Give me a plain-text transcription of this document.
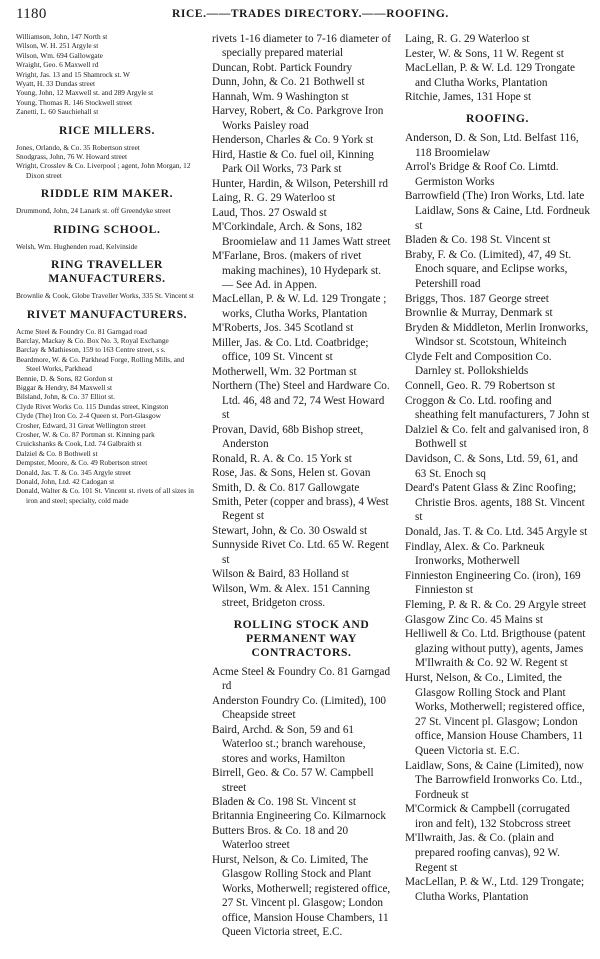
1180	RICE.——TRADES DIRECTORY.——ROOFING.
Williamson, John, 147 North st
Wilson, W. H. 251 Argyle st
Wilson, Wm. 694 Gallowgate
Wraight, Geo. 6 Maxwell rd
Wright, Jas. 13 and 15 Shamrock st. W
Wyatt, H. 33 Dundas street
Young, John, 12 Maxwell st. and 289 Argyle st
Young, Thomas R. 146 Stockwell street
Zanetti, L. 60 Sauchiehall st
RICE MILLERS.
Jones, Orlando, & Co. 35 Robertson street
Snodgrass, John, 76 W. Howard street
Wright, Crosslev & Co. Liverpool ; agent, John Morgan, 12 Dixon street
RIDDLE RIM MAKER.
Drummond, John, 24 Lanark st. off Greendyke street
RIDING SCHOOL.
Welsh, Wm. Hughenden road, Kelvinside
RING TRAVELLER MANUFACTURERS.
Brownlie & Cook, Globe Traveller Works, 335 St. Vincent st
RIVET MANUFACTURERS.
Acme Steel & Foundry Co. 81 Garngad road
Barclay, Mackay & Co. Box No. 3, Royal Exchange
Barclay & Mathieson, 159 to 163 Centre street, s s.
Beardmore, W. & Co. Parkhead Forge, Rolling Mills, and Steel Works, Parkhead
Bennie, D. & Sons, 82 Gordon st
Biggar & Hendry, 84 Maxwell st
Bilsland, John, & Co. 37 Elliot st.
Clyde Rivet Works Co. 115 Dundas street, Kingston
Clyde (The) Iron Co. 2-4 Queen st. Port-Glasgow
Crosher, Edward, 31 Great Wellington street
Crosher, W. & Co. 87 Portman st. Kinning park
Cruickshanks & Cook, Ltd. 74 Galbraith st
Dalziel & Co. 8 Bothwell st
Dempster, Moore, & Co. 49 Robertson street
Donald, Jas. T. & Co. 345 Argyle street
Donald, John, Ltd. 42 Cadogan st
Donald, Walter & Co. 101 St. Vincent st. rivets of all sizes in iron and steel; specialty, cold made
rivets 1-16 diameter to 7-16 diameter of specially prepared material
Duncan, Robt. Partick Foundry
Dunn, John, & Co. 21 Bothwell st
Hannah, Wm. 9 Washington st
Harvey, Robert, & Co. Parkgrove Iron Works Paisley road
Henderson, Charles & Co. 9 York st
Hird, Hastie & Co. fuel oil, Kinning Park Oil Works, 73 Park st
Hunter, Hardin, & Wilson, Petershill rd
Laing, R. G. 29 Waterloo st
Laud, Thos. 27 Oswald st
M'Corkindale, Arch. & Sons, 182 Broomielaw and 11 James Watt street
M'Farlane, Bros. (makers of rivet making machines), 10 Hydepark st.— See Ad. in Appen.
MacLellan, P. & W. Ld. 129 Trongate ; works, Clutha Works, Plantation
M'Roberts, Jos. 345 Scotland st
Miller, Jas. & Co. Ltd. Coatbridge; office, 109 St. Vincent st
Motherwell, Wm. 32 Portman st
Northern (The) Steel and Hardware Co. Ltd. 46, 48 and 72, 74 West Howard st
Provan, David, 68b Bishop street, Anderston
Ronald, R. A. & Co. 15 York st
Rose, Jas. & Sons, Helen st. Govan
Smith, D. & Co. 817 Gallowgate
Smith, Peter (copper and brass), 4 West Regent st
Stewart, John, & Co. 30 Oswald st
Sunnyside Rivet Co. Ltd. 65 W. Regent st
Wilson & Baird, 83 Holland st
Wilson, Wm. & Alex. 151 Canning street, Bridgeton cross.
ROLLING STOCK AND PERMANENT WAY CONTRACTORS.
Acme Steel & Foundry Co. 81 Garngad rd
Anderston Foundry Co. (Limited), 100 Cheapside street
Baird, Archd. & Son, 59 and 61 Waterloo st.; branch warehouse, stores and works, Hamilton
Birrell, Geo. & Co. 57 W. Campbell street
Bladen & Co. 198 St. Vincent st
Britannia Engineering Co. Kilmarnock
Butters Bros. & Co. 18 and 20 Waterloo street
Hurst, Nelson, & Co. Limited, The Glasgow Rolling Stock and Plant Works, Motherwell; registered office, 27 St. Vincent pl. Glasgow; London office, Mansion House Chambers, 11 Queen Victoria street, E.C.
Laing, R. G. 29 Waterloo st
Lester, W. & Sons, 11 W. Regent st
MacLellan, P. & W. Ld. 129 Trongate and Clutha Works, Plantation
Ritchie, James, 131 Hope st
ROOFING.
Anderson, D. & Son, Ltd. Belfast 116, 118 Broomielaw
Arrol's Bridge & Roof Co. Limtd. Germiston Works
Barrowfield (The) Iron Works, Ltd. late Laidlaw, Sons & Caine, Ltd. Fordneuk st
Bladen & Co. 198 St. Vincent st
Braby, F. & Co. (Limited), 47, 49 St. Enoch square, and Eclipse works, Petershill road
Briggs, Thos. 187 George street
Brownlie & Murray, Denmark st
Bryden & Middleton, Merlin Ironworks, Windsor st. Scotstoun, Whiteinch
Clyde Felt and Composition Co. Darnley st. Pollokshields
Connell, Geo. R. 79 Robertson st
Croggon & Co. Ltd. roofing and sheathing felt manufacturers, 7 John st
Dalziel & Co. felt and galvanised iron, 8 Bothwell st
Davidson, C. & Sons, Ltd. 59, 61, and 63 St. Enoch sq
Deard's Patent Glass & Zinc Roofing; Christie Bros. agents, 188 St. Vincent st
Donald, Jas. T. & Co. Ltd. 345 Argyle st
Findlay, Alex. & Co. Parkneuk Ironworks, Motherwell
Finnieston Engineering Co. (iron), 169 Finnieston st
Fleming, P. & R. & Co. 29 Argyle street
Glasgow Zinc Co. 45 Mains st
Helliwell & Co. Ltd. Brigthouse (patent glazing without putty), agents, James M'Ilwraith & Co. 92 W. Regent st
Hurst, Nelson, & Co., Limited, the Glasgow Rolling Stock and Plant Works, Motherwell; registered office, 27 St. Vincent pl. Glasgow; London office, Mansion House Chambers, 11 Queen Victoria st. E.C.
Laidlaw, Sons, & Caine (Limited), now The Barrowfield Ironworks Co. Ltd., Fordneuk st
M'Cormick & Campbell (corrugated iron and felt), 132 Stobcross street
M'Ilwraith, Jas. & Co. (plain and prepared roofing canvas), 92 W. Regent st
MacLellan, P. & W., Ltd. 129 Trongate; Clutha Works, Plantation
